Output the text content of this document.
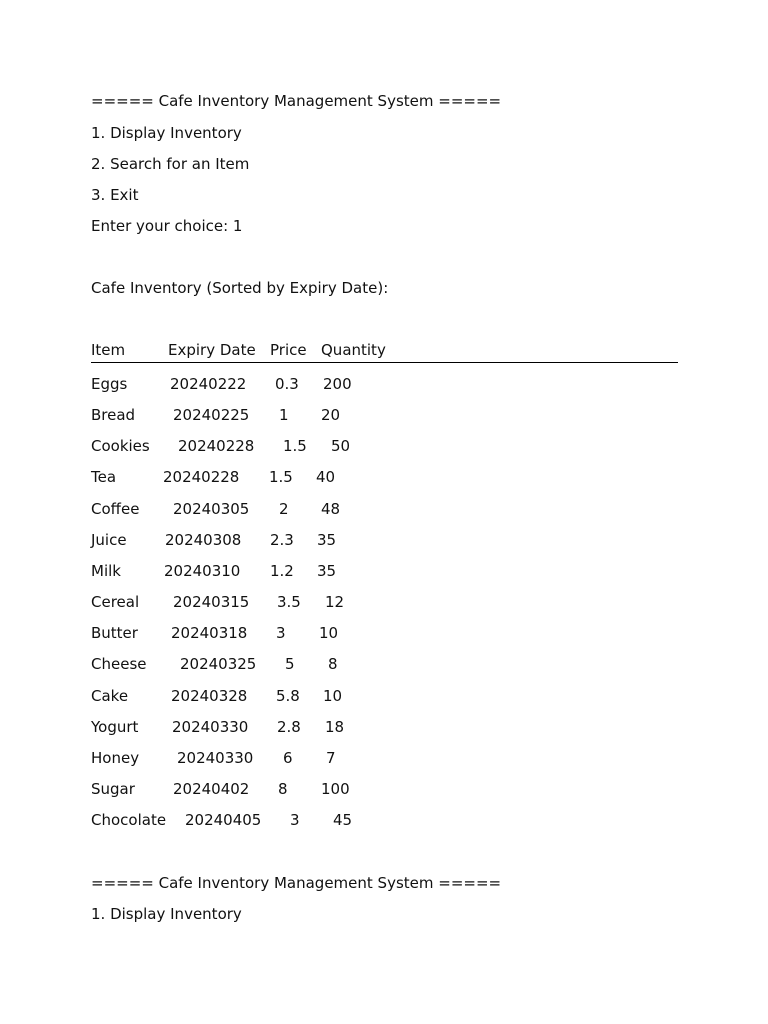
===== Cafe Inventory Management System =====
1. Display Inventory
2. Search for an Item
3. Exit
Enter your choice: 1
Cafe Inventory (Sorted by Expiry Date):
Item	Expiry Date Price Quantity
Eggs	20240222 0.3 200
Bread	20240225 1 20
Cookies 20240228 1.5 50
Tea	20240228 1.5 40
Coffee 20240305 2 48
Juice	20240308 2.3 35
Milk	20240310 1.2 35
Cereal 20240315 3.5 12
Butter 20240318 3 10
Cheese 20240325 5 8
Cake	20240328 5.8 10
Yogurt 20240330 2.8 18
Honey	20240330 6 7
Sugar	20240402 8 100
Chocolate 20240405 3 45
===== Cafe Inventory Management System =====
1. Display Inventory
